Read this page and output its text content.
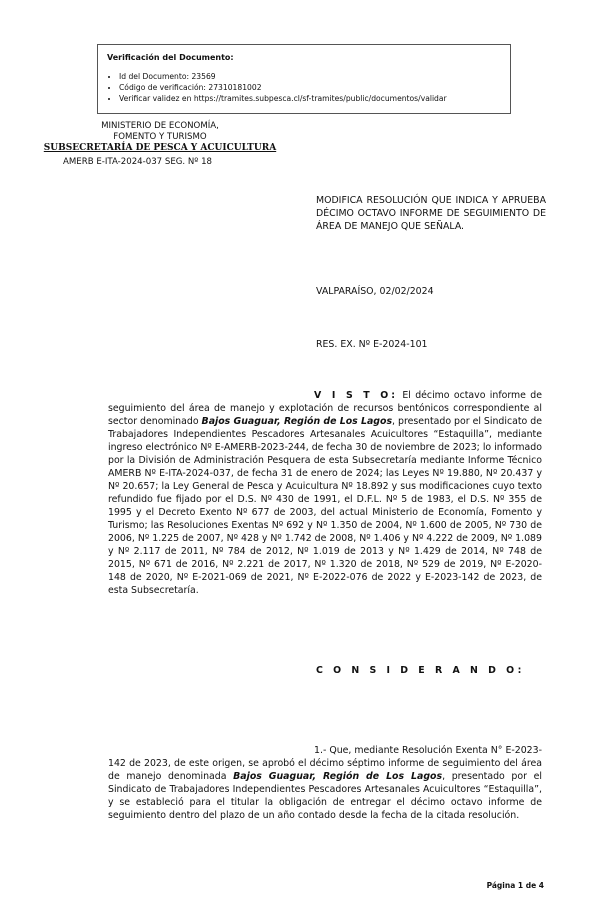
Verificación del Documento:
• Id del Documento: 23569
• Código de verificación: 27310181002
• Verificar validez en https://tramites.subpesca.cl/sf-tramites/public/documentos/validar
MINISTERIO DE ECONOMÍA,
FOMENTO Y TURISMO
SUBSECRETARÍA DE PESCA Y ACUICULTURA
AMERB E-ITA-2024-037 SEG. Nº 18
MODIFICA RESOLUCIÓN QUE INDICA Y APRUEBA DÉCIMO OCTAVO INFORME DE SEGUIMIENTO DE ÁREA DE MANEJO QUE SEÑALA.
VALPARAÍSO, 02/02/2024
RES. EX. Nº E-2024-101

V I S T O: El décimo octavo informe de seguimiento del área de manejo y explotación de recursos bentónicos correspondiente al sector denominado Bajos Guaguar, Región de Los Lagos, presentado por el Sindicato de Trabajadores Independientes Pescadores Artesanales Acuicultores “Estaquilla”, mediante ingreso electrónico Nº E-AMERB-2023-244, de fecha 30 de noviembre de 2023; lo informado por la División de Administración Pesquera de esta Subsecretaría mediante Informe Técnico AMERB Nº E-ITA-2024-037, de fecha 31 de enero de 2024; las Leyes Nº 19.880, Nº 20.437 y Nº 20.657; la Ley General de Pesca y Acuicultura Nº 18.892 y sus modificaciones cuyo texto refundido fue fijado por el D.S. Nº 430 de 1991, el D.F.L. Nº 5 de 1983, el D.S. Nº 355 de 1995 y el Decreto Exento Nº 677 de 2003, del actual Ministerio de Economía, Fomento y Turismo; las Resoluciones Exentas Nº 692 y Nº 1.350 de 2004, Nº 1.600 de 2005, Nº 730 de 2006, Nº 1.225 de 2007, Nº 428 y Nº 1.742 de 2008, Nº 1.406 y Nº 4.222 de 2009, Nº 1.089 y Nº 2.117 de 2011, Nº 784 de 2012, Nº 1.019 de 2013 y Nº 1.429 de 2014, Nº 748 de 2015, Nº 671 de 2016, Nº 2.221 de 2017, Nº 1.320 de 2018, Nº 529 de 2019, Nº E-2020-148 de 2020, Nº E-2021-069 de 2021, Nº E-2022-076 de 2022 y E-2023-142 de 2023, de esta Subsecretaría.

C O N S I D E R A N D O:

1.- Que, mediante Resolución Exenta N° E-2023-142 de 2023, de este origen, se aprobó el décimo séptimo informe de seguimiento del área de manejo denominada Bajos Guaguar, Región de Los Lagos, presentado por el Sindicato de Trabajadores Independientes Pescadores Artesanales Acuicultores “Estaquilla”, y se estableció para el titular la obligación de entregar el décimo octavo informe de seguimiento dentro del plazo de un año contado desde la fecha de la citada resolución.

Página 1 de 4
